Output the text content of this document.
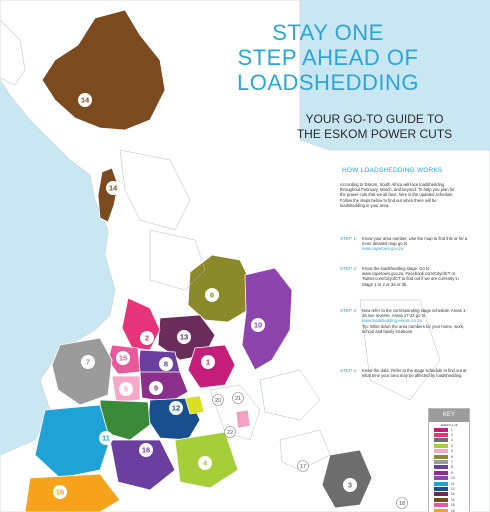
14
14
6
10
2	13
8
15
7	1
9
5
12
11
16
4
3
16
20	21
22
17
18
STAY ONE
STEP AHEAD OF
LOADSHEDDING
YOUR GO-TO GUIDE TO
THE ESKOM POWER CUTS
HOW LOADSHEDDING WORKS
According to Eskom, South Africa will face loadshedding throughout February, March, and beyond. To help you plan for the power cuts that we all face, here is the updated schedule. Follow the steps below to find out when there will be loadshedding in your area.
STEP 1: Know your area number. Use the map to find this or for a more detailed map go to
www.capetown.gov.za
STEP 2: Know the loadshedding stage. Go to www.capetown.gov.za, Facebook.com/CityofCT or Twitter.com/CityofCT to find out if we are currently in Stage 1 or 2 or 3a or 3b.
STEP 3: Now refer to the corresponding stage schedule. Areas 1-16 see reverse. Areas 17-22 go to
www.loadshedding.eskom.co.za
Tip: Write down the area numbers for your home, work, school and family locations.
STEP 4: Know the date. Refer to the stage schedule to find out at what time your area may be affected by loadshedding.
KEY
AREAS 1-16
1
2
3
4
5
6
7
8
9
10
11
12
13
14
15
16
